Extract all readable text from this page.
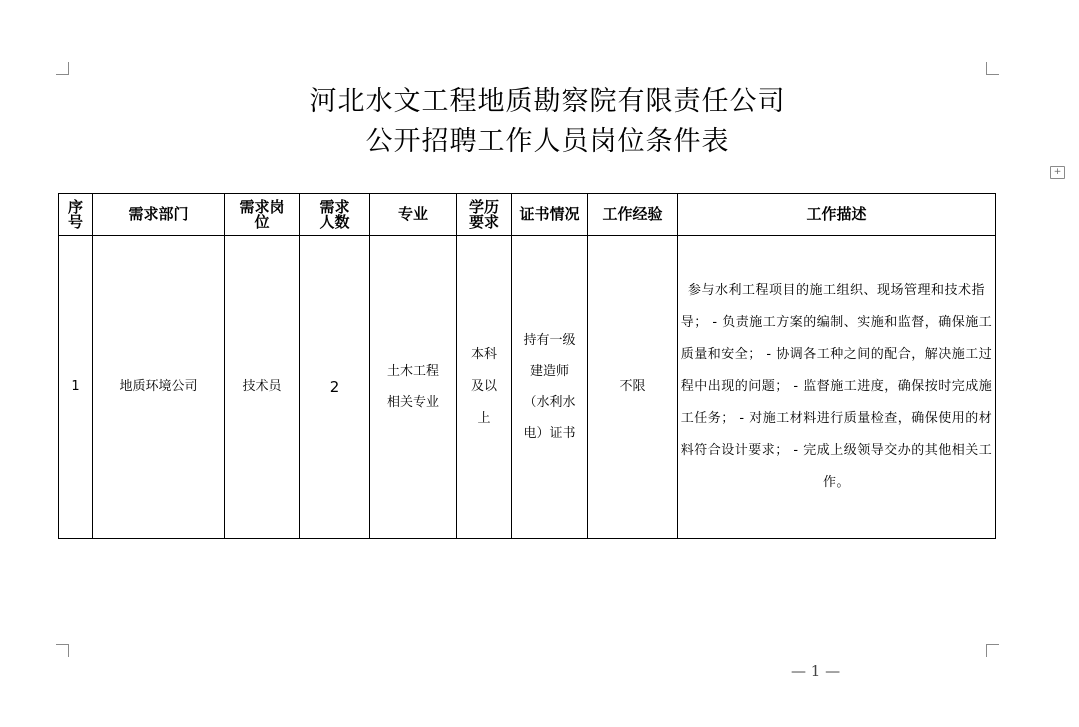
+
河北水文工程地质勘察院有限责任公司
公开招聘工作人员岗位条件表
序号	需求部门	需求岗位	需求人数	专业	学历要求	证书情况	工作经验	工作描述
1	地质环境公司	技术员	2	土木工程相关专业	本科及以上	持有一级建造师（水利水电）证书	不限	参与水利工程项目的施工组织、现场管理和技术指导； - 负责施工方案的编制、实施和监督，确保施工质量和安全； - 协调各工种之间的配合，解决施工过程中出现的问题； - 监督施工进度，确保按时完成施工任务； - 对施工材料进行质量检查，确保使用的材料符合设计要求； - 完成上级领导交办的其他相关工作。
— 1 —
